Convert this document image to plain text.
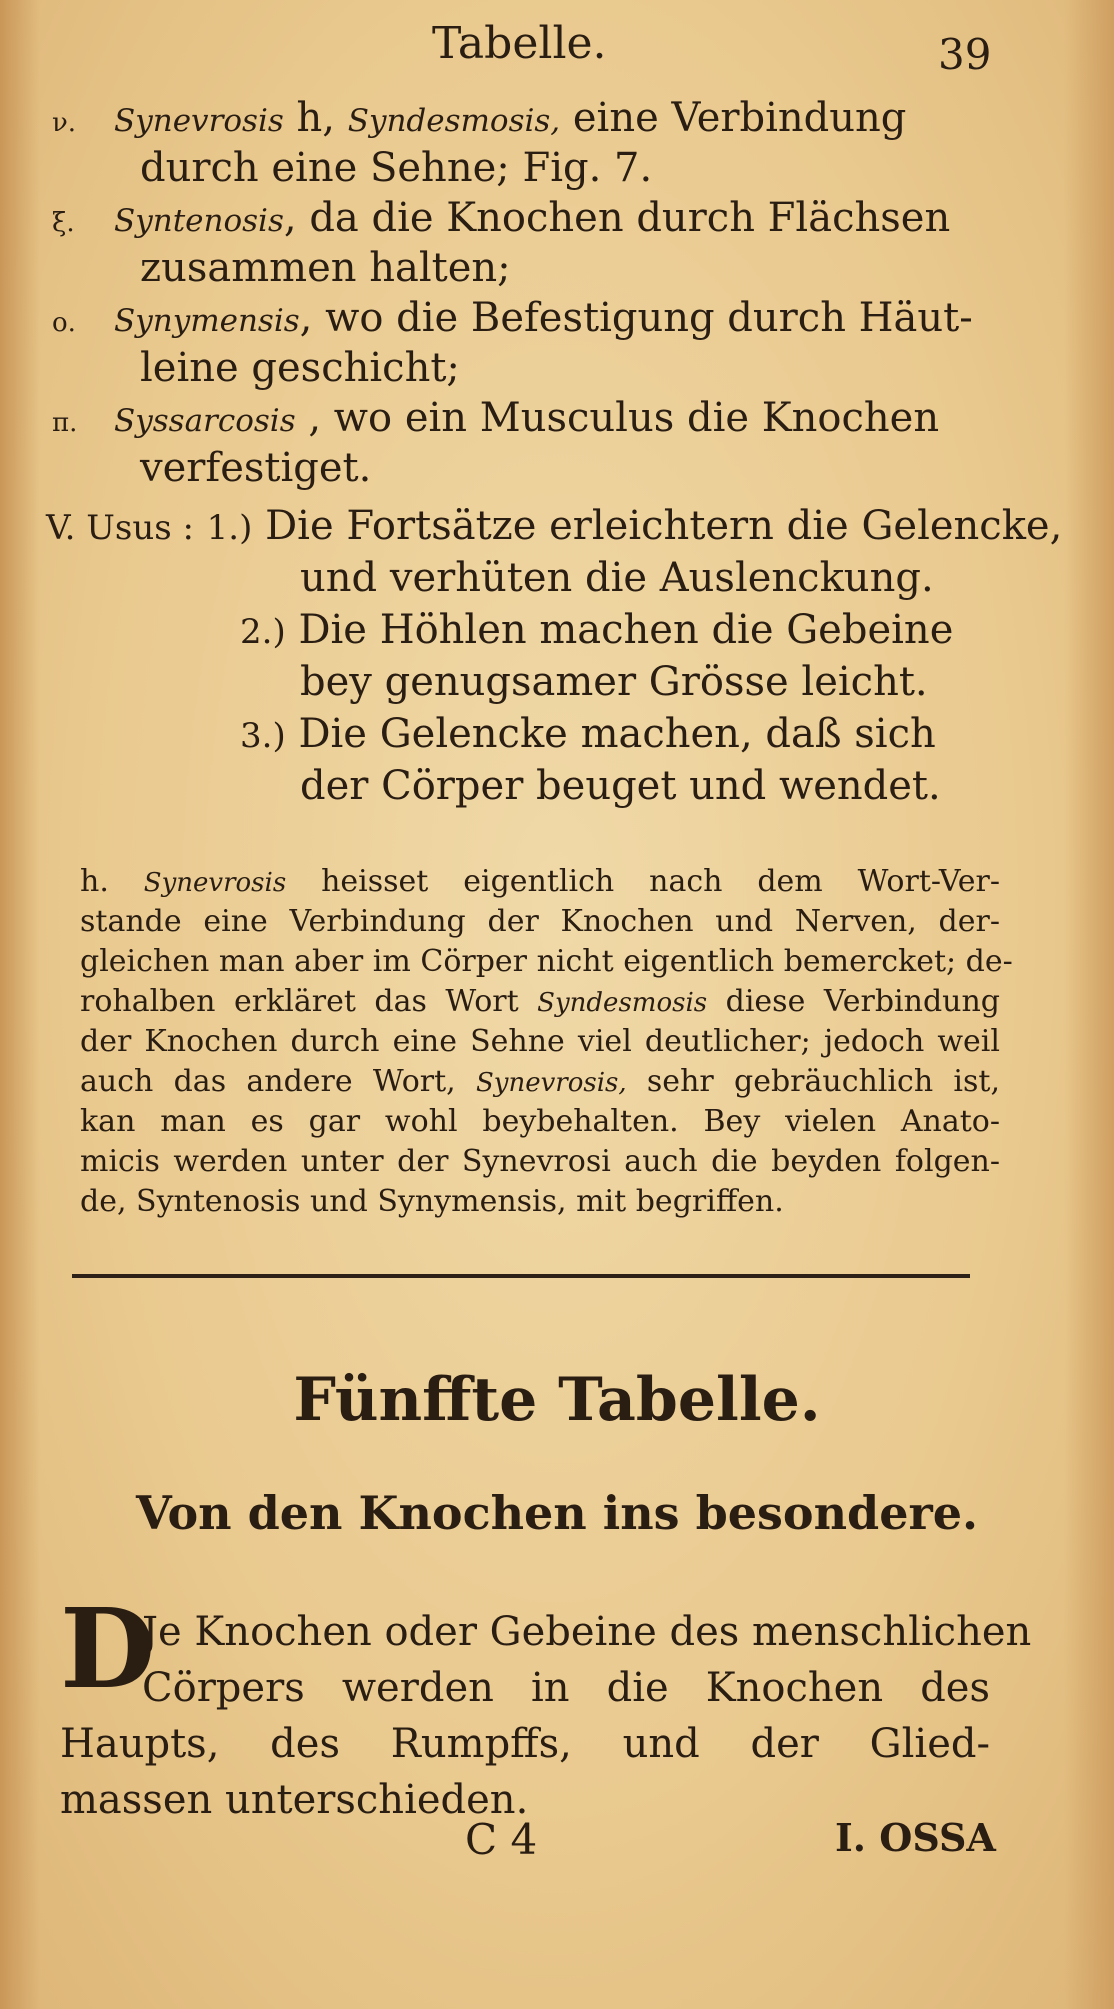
Tabelle.	39
ν. Synevrosis h, Syndesmosis, eine Verbindung
durch eine Sehne; Fig. 7.
ξ. Syntenosis, da die Knochen durch Flächsen
zusammen halten;
ο. Synymensis, wo die Befestigung durch Häut-
leine geschicht;
π. Syssarcosis , wo ein Musculus die Knochen
verfestiget.
V. Usus : 1.) Die Fortsätze erleichtern die Gelencke,
und verhüten die Auslenckung.
2.) Die Höhlen machen die Gebeine
bey genugsamer Grösse leicht.
3.) Die Gelencke machen, daß sich
der Cörper beuget und wendet.
h. Synevrosis heisset eigentlich nach dem Wort-Ver-
stande eine Verbindung der Knochen und Nerven, der-
gleichen man aber im Cörper nicht eigentlich bemercket; de-
rohalben erkläret das Wort Syndesmosis diese Verbindung
der Knochen durch eine Sehne viel deutlicher; jedoch weil
auch das andere Wort, Synevrosis, sehr gebräuchlich ist,
kan man es gar wohl beybehalten. Bey vielen Anato-
micis werden unter der Synevrosi auch die beyden folgen-
de, Syntenosis und Synymensis, mit begriffen.
Fünffte Tabelle.
Von den Knochen ins besondere.
D
Je Knochen oder Gebeine des menschlichen
Cörpers werden in die Knochen des
Haupts, des Rumpffs, und der Glied-
massen unterschieden.
C 4	I. OSSA
